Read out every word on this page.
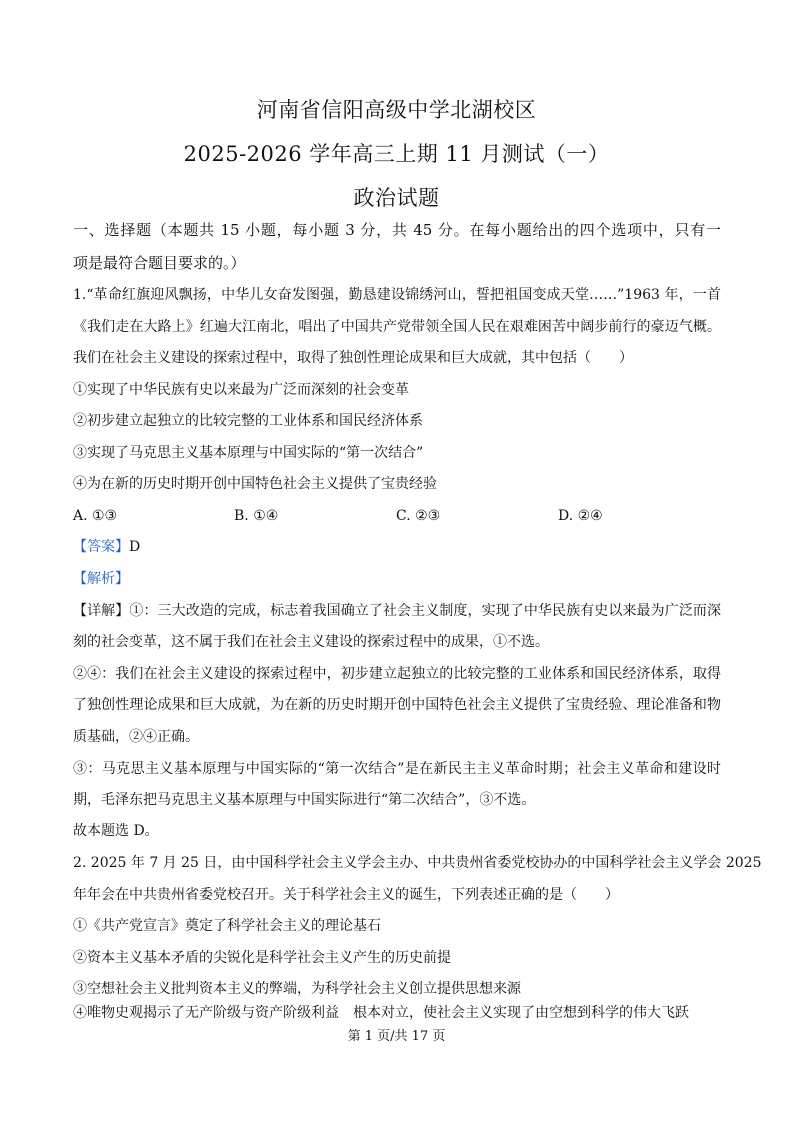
河南省信阳高级中学北湖校区
2025-2026 学年高三上期 11 月测试（一）
政治试题
一、选择题（本题共 15 小题，每小题 3 分，共 45 分。在每小题给出的四个选项中，只有一
项是最符合题目要求的。）
1.“革命红旗迎风飘扬，中华儿女奋发图强，勤恳建设锦绣河山，誓把祖国变成天堂……”1963 年，一首
《我们走在大路上》红遍大江南北，唱出了中国共产党带领全国人民在艰难困苦中阔步前行的豪迈气概。
我们在社会主义建设的探索过程中，取得了独创性理论成果和巨大成就，其中包括（　　）
①实现了中华民族有史以来最为广泛而深刻的社会变革
②初步建立起独立的比较完整的工业体系和国民经济体系
③实现了马克思主义基本原理与中国实际的“第一次结合”
④为在新的历史时期开创中国特色社会主义提供了宝贵经验
A. ①③	B. ①④	C. ②③	D. ②④
【答案】D
【解析】
【详解】①：三大改造的完成，标志着我国确立了社会主义制度，实现了中华民族有史以来最为广泛而深
刻的社会变革，这不属于我们在社会主义建设的探索过程中的成果，①不选。
②④：我们在社会主义建设的探索过程中，初步建立起独立的比较完整的工业体系和国民经济体系，取得
了独创性理论成果和巨大成就，为在新的历史时期开创中国特色社会主义提供了宝贵经验、理论准备和物
质基础，②④正确。
③：马克思主义基本原理与中国实际的“第一次结合”是在新民主主义革命时期；社会主义革命和建设时
期，毛泽东把马克思主义基本原理与中国实际进行“第二次结合”，③不选。
故本题选 D。
2. 2025 年 7 月 25 日，由中国科学社会主义学会主办、中共贵州省委党校协办的中国科学社会主义学会 2025
年年会在中共贵州省委党校召开。关于科学社会主义的诞生，下列表述正确的是（　　）
①《共产党宣言》奠定了科学社会主义的理论基石
②资本主义基本矛盾的尖锐化是科学社会主义产生的历史前提
③空想社会主义批判资本主义的弊端，为科学社会主义创立提供思想来源
④唯物史观揭示了无产阶级与资产阶级利益　根本对立，使社会主义实现了由空想到科学的伟大飞跃
第 1 页/共 17 页
